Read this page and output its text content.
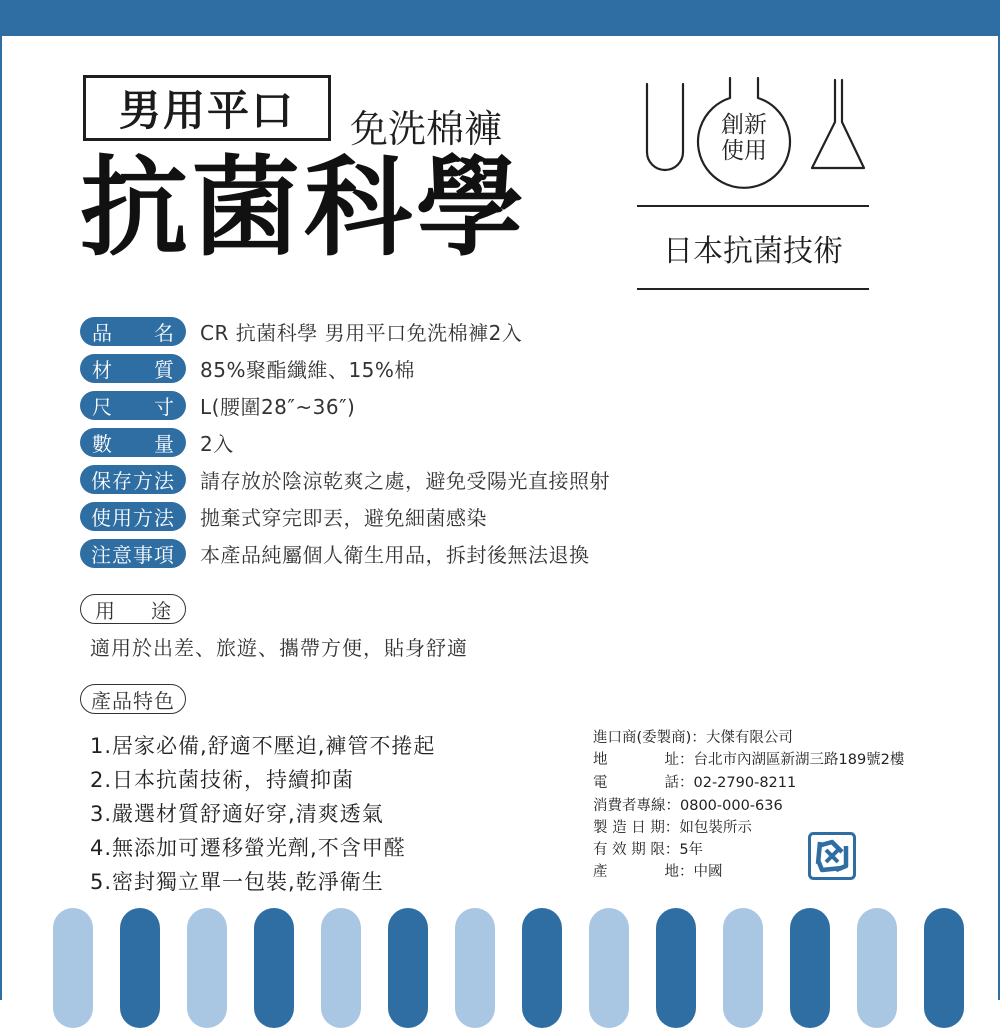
男用平口	免洗棉褲
抗菌科學
創新
使用
日本抗菌技術
品 名 CR 抗菌科學 男用平口免洗棉褲2入
材 質 85%聚酯纖維、15%棉
尺 寸 L(腰圍28″~36″)
數 量 2入
保存方法	請存放於陰涼乾爽之處，避免受陽光直接照射
使用方法	拋棄式穿完即丟，避免細菌感染
注意事項	本產品純屬個人衛生用品，拆封後無法退換
用 途
適用於出差、旅遊、攜帶方便，貼身舒適
產品特色
1.居家必備,舒適不壓迫,褲管不捲起
2.日本抗菌技術，持續抑菌
3.嚴選材質舒適好穿,清爽透氣
4.無添加可遷移螢光劑,不含甲醛
5.密封獨立單一包裝,乾淨衛生
進口商(委製商)：大傑有限公司
地	址 ：台北市內湖區新湖三路189號2樓
電	話 ：02-2790-8211
消費者專線：0800-000-636
製 造 日 期：如包裝所示
有 效 期 限：5年
產	地 ：中國
